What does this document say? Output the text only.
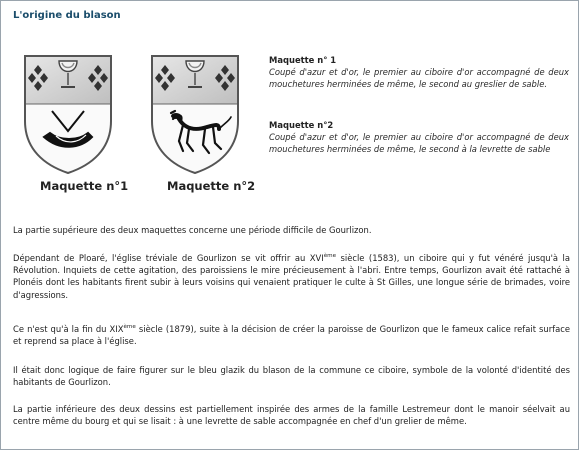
L'origine du blason
Maquette n°1	Maquette n°2
Maquette n° 1
Coupé d'azur et d'or, le premier au ciboire d'or accompagné de deux mouchetures herminées de même, le second au greslier de sable.
Maquette n°2
Coupé d'azur et d'or, le premier au ciboire d'or accompagné de deux mouchetures herminées de même, le second à la levrette de sable
La partie supérieure des deux maquettes concerne une période difficile de Gourlizon.
Dépendant de Ploaré, l'église tréviale de Gourlizon se vit offrir au XVIème siècle (1583), un ciboire qui y fut vénéré jusqu'à la Révolution. Inquiets de cette agitation, des paroissiens le mire précieusement à l'abri. Entre temps, Gourlizon avait été rattaché à Plonéis dont les habitants firent subir à leurs voisins qui venaient pratiquer le culte à St Gilles, une longue série de brimades, voire d'agressions.
Ce n'est qu'à la fin du XIXème siècle (1879), suite à la décision de créer la paroisse de Gourlizon que le fameux calice refait surface et reprend sa place à l'église.
Il était donc logique de faire figurer sur le bleu glazik du blason de la commune ce ciboire, symbole de la volonté d'identité des habitants de Gourlizon.
La partie inférieure des deux dessins est partiellement inspirée des armes de la famille Lestremeur dont le manoir séelvait au centre même du bourg et qui se lisait : à une levrette de sable accompagnée en chef d'un grelier de même.
